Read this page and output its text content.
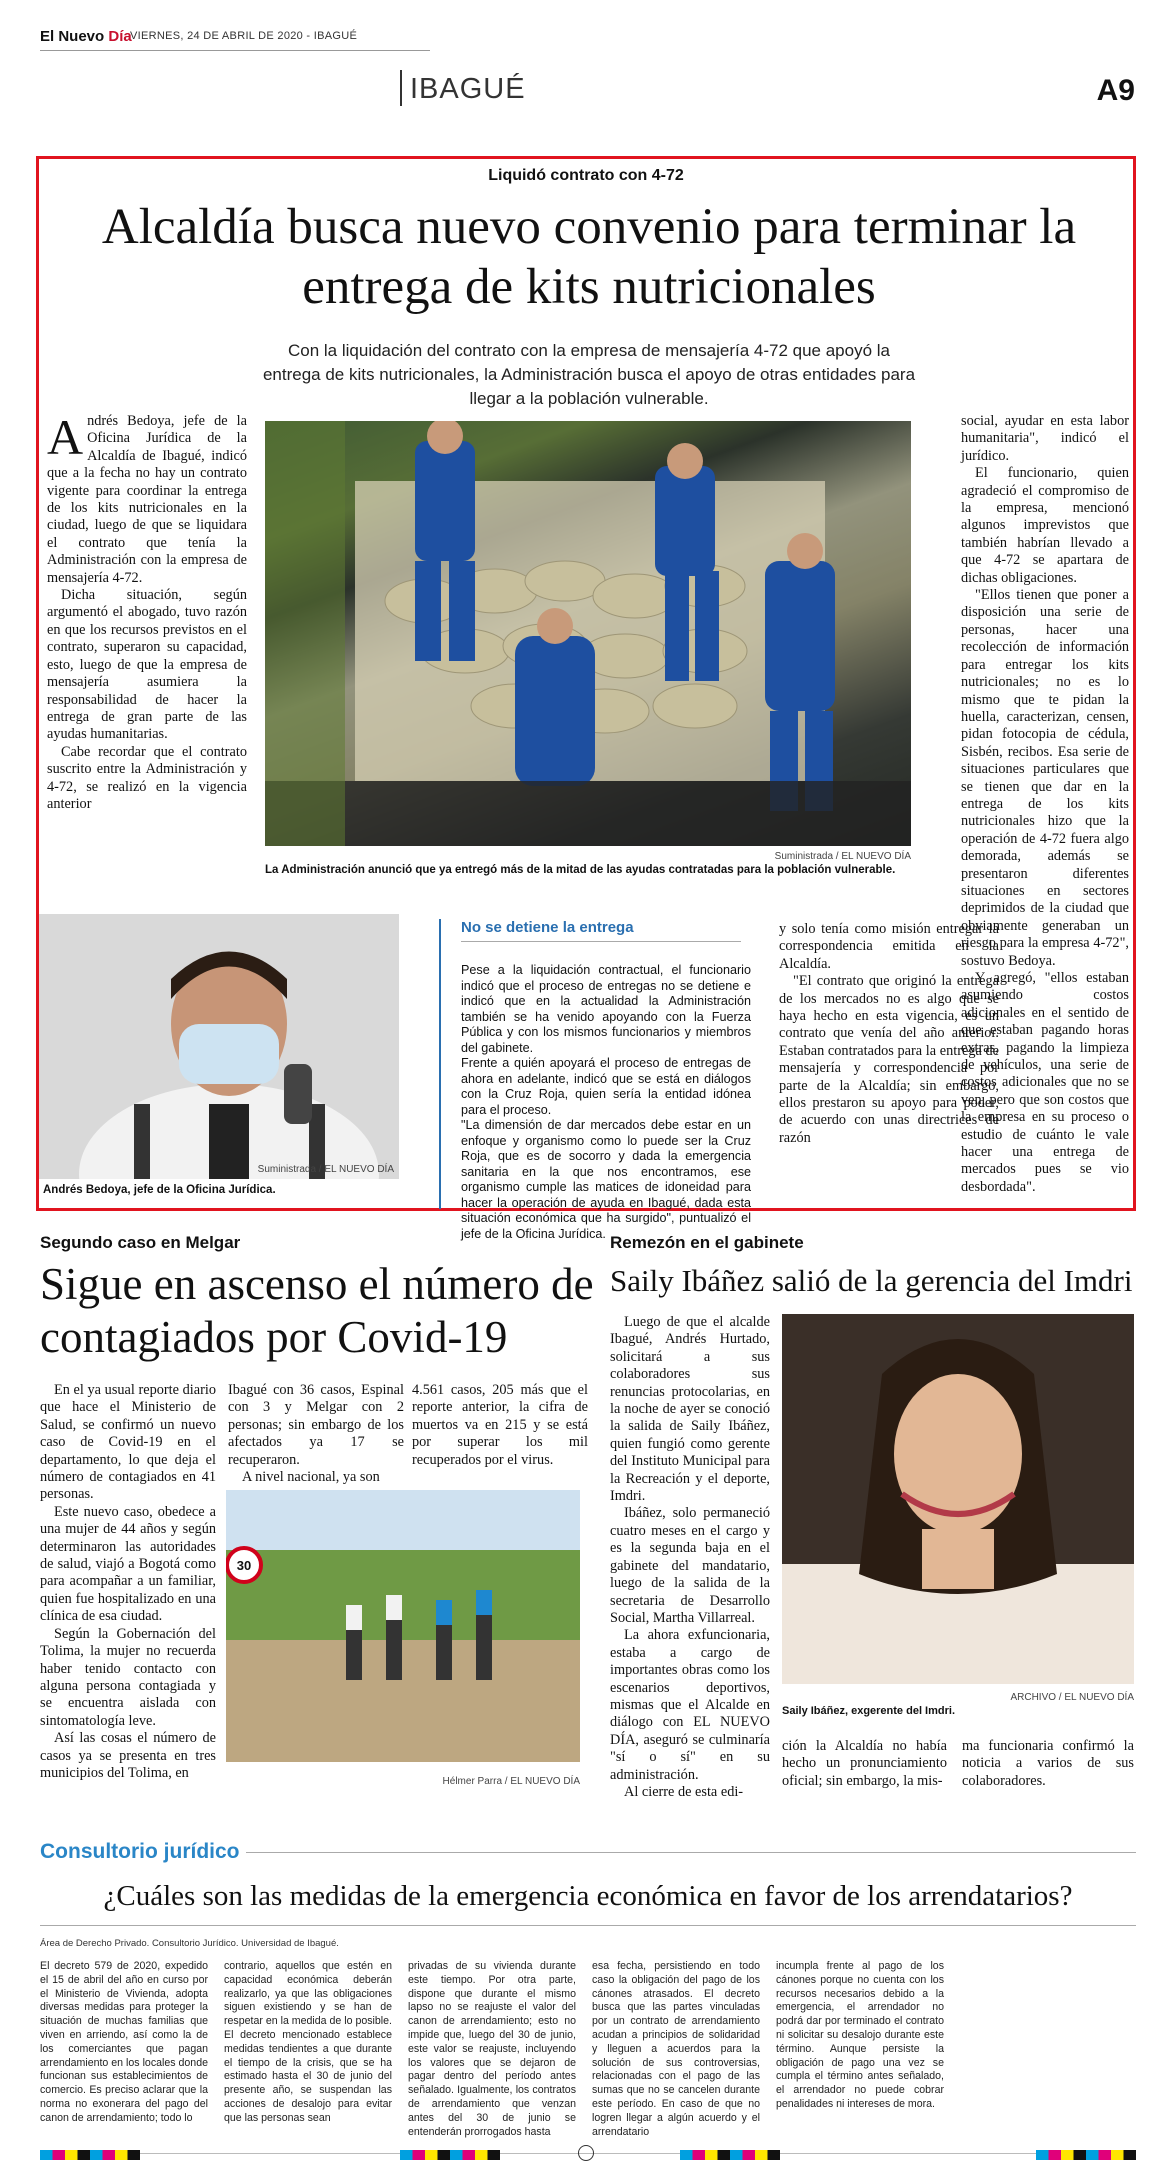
El Nuevo Día
VIERNES, 24 DE ABRIL DE 2020 - IBAGUÉ
IBAGUÉ	A9
Liquidó contrato con 4-72
Alcaldía busca nuevo convenio para terminar la entrega de kits nutricionales
Con la liquidación del contrato con la empresa de mensajería 4-72 que apoyó la entrega de kits nutricionales, la Administración busca el apoyo de otras entidades para llegar a la población vulnerable.

Andrés Bedoya, jefe de la Oficina Jurídica de la Alcaldía de Ibagué, indicó que a la fecha no hay un contrato vigente para coordinar la entrega de los kits nutricionales en la ciudad, luego de que se liquidara el contrato que tenía la Administración con la empresa de mensajería 4-72.

Dicha situación, según argumentó el abogado, tuvo razón en que los recursos previstos en el contrato, superaron su capacidad, esto, luego de que la empresa de mensajería asumiera la responsabilidad de hacer la entrega de gran parte de las ayudas humanitarias.

Cabe recordar que el contrato suscrito entre la Administración y 4-72, se realizó en la vigencia anterior

Suministrada / EL NUEVO DÍA
La Administración anunció que ya entregó más de la mitad de las ayudas contratadas para la población vulnerable.

social, ayudar en esta labor humanitaria", indicó el jurídico.

El funcionario, quien agradeció el compromiso de la empresa, mencionó algunos imprevistos que también habrían llevado a que 4-72 se apartara de dichas obligaciones.

"Ellos tienen que poner a disposición una serie de personas, hacer una recolección de información para entregar los kits nutricionales; no es lo mismo que te pidan la huella, caracterizan, censen, pidan fotocopia de cédula, Sisbén, recibos. Esa serie de situaciones particulares que se tienen que dar en la entrega de los kits nutricionales hizo que la operación de 4-72 fuera algo demorada, además se presentaron diferentes situaciones en sectores deprimidos de la ciudad que obviamente generaban un riesgo para la empresa 4-72", sostuvo Bedoya.

Y agregó, "ellos estaban asumiendo costos adicionales en el sentido de que estaban pagando horas extras, pagando la limpieza de vehículos, una serie de costos adicionales que no se ven, pero que son costos que la empresa en su proceso o estudio de cuánto le vale hacer una entrega de mercados pues se vio desbordada".

Suministrada / EL NUEVO DÍA
Andrés Bedoya, jefe de la Oficina Jurídica.
No se detiene la entrega

Pese a la liquidación contractual, el funcionario indicó que el proceso de entregas no se detiene e indicó que en la actualidad la Administración también se ha venido apoyando con la Fuerza Pública y con los mismos funcionarios y miembros del gabinete.

Frente a quién apoyará el proceso de entregas de ahora en adelante, indicó que se está en diálogos con la Cruz Roja, quien sería la entidad idónea para el proceso.

"La dimensión de dar mercados debe estar en un enfoque y organismo como lo puede ser la Cruz Roja, que es de socorro y dada la emergencia sanitaria en la que nos encontramos, ese organismo cumple las matices de idoneidad para hacer la operación de ayuda en Ibagué, dada esta situación económica que ha surgido", puntualizó el jefe de la Oficina Jurídica.

y solo tenía como misión entregar la correspondencia emitida en la Alcaldía.

"El contrato que originó la entrega de los mercados no es algo que se haya hecho en esta vigencia, es un contrato que venía del año anterior. Estaban contratados para la entrega de mensajería y correspondencia por parte de la Alcaldía; sin embargo, ellos prestaron su apoyo para poder, de acuerdo con unas directrices de razón

Segundo caso en Melgar
Sigue en ascenso el número de contagiados por Covid-19

En el ya usual reporte diario que hace el Ministerio de Salud, se confirmó un nuevo caso de Covid-19 en el departamento, lo que deja el número de contagiados en 41 personas.

Este nuevo caso, obedece a una mujer de 44 años y según determinaron las autoridades de salud, viajó a Bogotá como para acompañar a un familiar, quien fue hospitalizado en una clínica de esa ciudad.

Según la Gobernación del Tolima, la mujer no recuerda haber tenido contacto con alguna persona contagiada y se encuentra aislada con sintomatología leve.

Así las cosas el número de casos ya se presenta en tres municipios del Tolima, en

Ibagué con 36 casos, Espinal con 3 y Melgar con 2 personas; sin embargo de los afectados ya 17 se recuperaron.

A nivel nacional, ya son

4.561 casos, 205 más que el reporte anterior, la cifra de muertos va en 215 y se está por superar los mil recuperados por el virus.

30
Hélmer Parra / EL NUEVO DÍA
Remezón en el gabinete
Saily Ibáñez salió de la gerencia del Imdri

Luego de que el alcalde Ibagué, Andrés Hurtado, solicitará a sus colaboradores sus renuncias protocolarias, en la noche de ayer se conoció la salida de Saily Ibáñez, quien fungió como gerente del Instituto Municipal para la Recreación y el deporte, Imdri.

Ibáñez, solo permaneció cuatro meses en el cargo y es la segunda baja en el gabinete del mandatario, luego de la salida de la secretaria de Desarrollo Social, Martha Villarreal.

La ahora exfuncionaria, estaba a cargo de importantes obras como los escenarios deportivos, mismas que el Alcalde en diálogo con EL NUEVO DÍA, aseguró se culminaría "sí o sí" en su administración.

Al cierre de esta edi-

ARCHIVO / EL NUEVO DÍA
Saily Ibáñez, exgerente del Imdri.

ción la Alcaldía no había hecho un pronunciamiento oficial; sin embargo, la mis-

ma funcionaria confirmó la noticia a varios de sus colaboradores.

Consultorio jurídico
¿Cuáles son las medidas de la emergencia económica en favor de los arrendatarios?
Área de Derecho Privado. Consultorio Jurídico. Universidad de Ibagué.
El decreto 579 de 2020, expedido el 15 de abril del año en curso por el Ministerio de Vivienda, adopta diversas medidas para proteger la situación de muchas familias que viven en arriendo, así como la de los comerciantes que pagan arrendamiento en los locales donde funcionan sus establecimientos de comercio. Es preciso aclarar que la norma no exonerara del pago del canon de arrendamiento; todo lo
contrario, aquellos que estén en capacidad económica deberán realizarlo, ya que las obligaciones siguen existiendo y se han de respetar en la medida de lo posible. El decreto mencionado establece medidas tendientes a que durante el tiempo de la crisis, que se ha estimado hasta el 30 de junio del presente año, se suspendan las acciones de desalojo para evitar que las personas sean
privadas de su vivienda durante este tiempo. Por otra parte, dispone que durante el mismo lapso no se reajuste el valor del canon de arrendamiento; esto no impide que, luego del 30 de junio, este valor se reajuste, incluyendo los valores que se dejaron de pagar dentro del período antes señalado. Igualmente, los contratos de arrendamiento que venzan antes del 30 de junio se entenderán prorrogados hasta
esa fecha, persistiendo en todo caso la obligación del pago de los cánones atrasados. El decreto busca que las partes vinculadas por un contrato de arrendamiento acudan a principios de solidaridad y lleguen a acuerdos para la solución de sus controversias, relacionadas con el pago de las sumas que no se cancelen durante este período. En caso de que no logren llegar a algún acuerdo y el arrendatario
incumpla frente al pago de los cánones porque no cuenta con los recursos necesarios debido a la emergencia, el arrendador no podrá dar por terminado el contrato ni solicitar su desalojo durante este término. Aunque persiste la obligación de pago una vez se cumpla el término antes señalado, el arrendador no puede cobrar penalidades ni intereses de mora.
